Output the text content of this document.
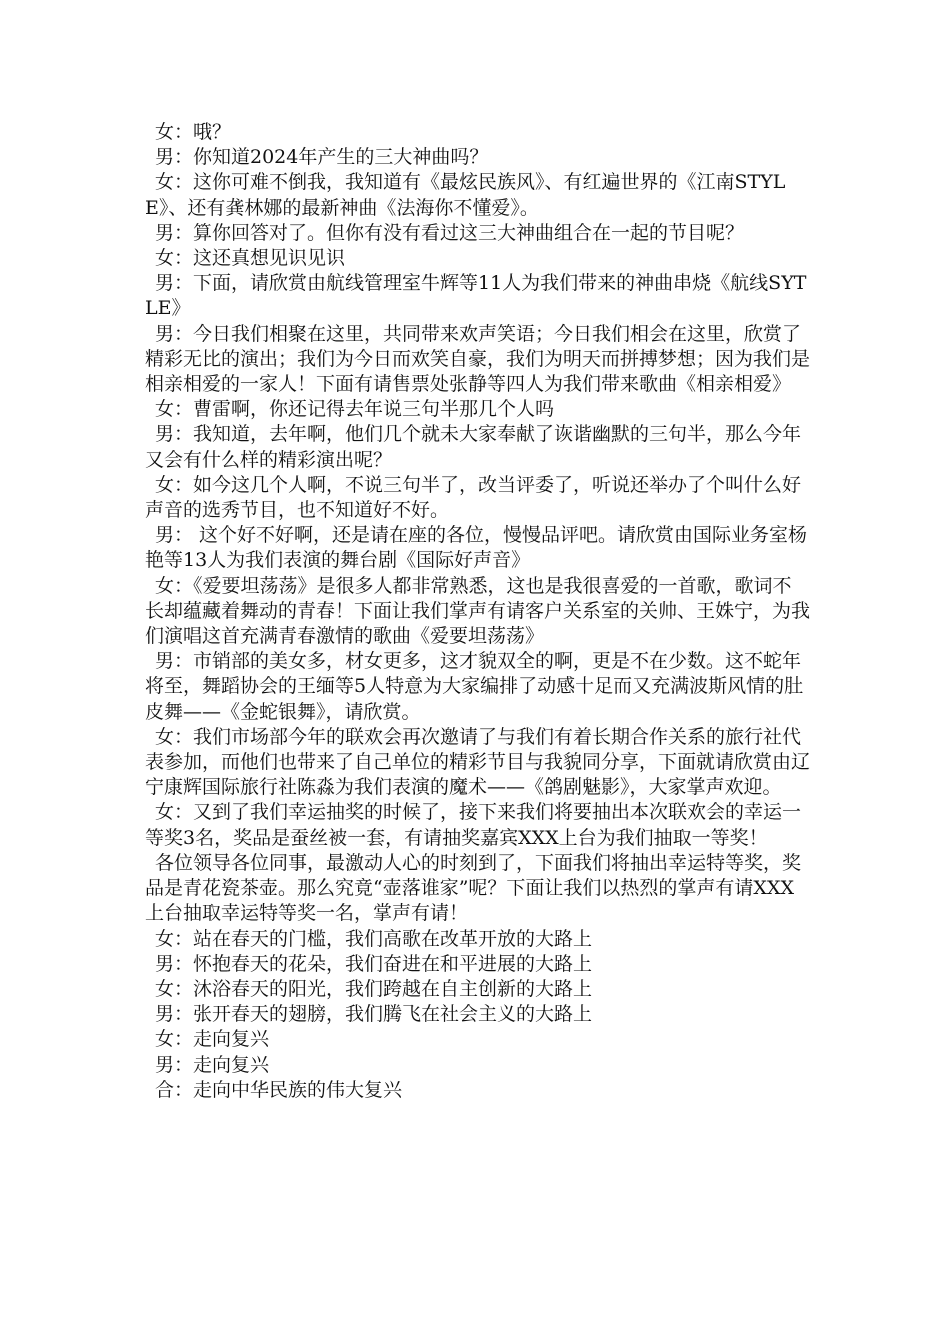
女：哦？

男：你知道2024年产生的三大神曲吗？

女：这你可难不倒我，我知道有《最炫民族风》、有红遍世界的《江南STYLE》、还有龚林娜的最新神曲《法海你不懂爱》。

男：算你回答对了。但你有没有看过这三大神曲组合在一起的节目呢？

女：这还真想见识见识

男：下面，请欣赏由航线管理室牛辉等11人为我们带来的神曲串烧《航线SYTLE》

男：今日我们相聚在这里，共同带来欢声笑语；今日我们相会在这里，欣赏了精彩无比的演出；我们为今日而欢笑自豪，我们为明天而拼搏梦想；因为我们是相亲相爱的一家人！下面有请售票处张静等四人为我们带来歌曲《相亲相爱》

女：曹雷啊，你还记得去年说三句半那几个人吗

男：我知道，去年啊，他们几个就未大家奉献了诙谐幽默的三句半，那么今年又会有什么样的精彩演出呢？

女：如今这几个人啊，不说三句半了，改当评委了，听说还举办了个叫什么好声音的选秀节目，也不知道好不好。

男： 这个好不好啊，还是请在座的各位，慢慢品评吧。请欣赏由国际业务室杨艳等13人为我们表演的舞台剧《国际好声音》

女：《爱要坦荡荡》是很多人都非常熟悉，这也是我很喜爱的一首歌，歌词不长却蕴藏着舞动的青春！下面让我们掌声有请客户关系室的关帅、王姝宁，为我们演唱这首充满青春激情的歌曲《爱要坦荡荡》

男：市销部的美女多，材女更多，这才貌双全的啊，更是不在少数。这不蛇年将至，舞蹈协会的王缅等5人特意为大家编排了动感十足而又充满波斯风情的肚皮舞——《金蛇银舞》，请欣赏。

女：我们市场部今年的联欢会再次邀请了与我们有着长期合作关系的旅行社代表参加，而他们也带来了自己单位的精彩节目与我貌同分享，下面就请欣赏由辽宁康辉国际旅行社陈淼为我们表演的魔术——《鸽剧魅影》，大家掌声欢迎。

女：又到了我们幸运抽奖的时候了，接下来我们将要抽出本次联欢会的幸运一等奖3名，奖品是蚕丝被一套，有请抽奖嘉宾XXX上台为我们抽取一等奖！

各位领导各位同事，最激动人心的时刻到了，下面我们将抽出幸运特等奖，奖品是青花瓷茶壶。那么究竟“壶落谁家”呢？下面让我们以热烈的掌声有请XXX上台抽取幸运特等奖一名，掌声有请！

女：站在春天的门槛，我们高歌在改革开放的大路上

男：怀抱春天的花朵，我们奋进在和平进展的大路上

女：沐浴春天的阳光，我们跨越在自主创新的大路上

男：张开春天的翅膀，我们腾飞在社会主义的大路上

女：走向复兴

男：走向复兴

合：走向中华民族的伟大复兴
